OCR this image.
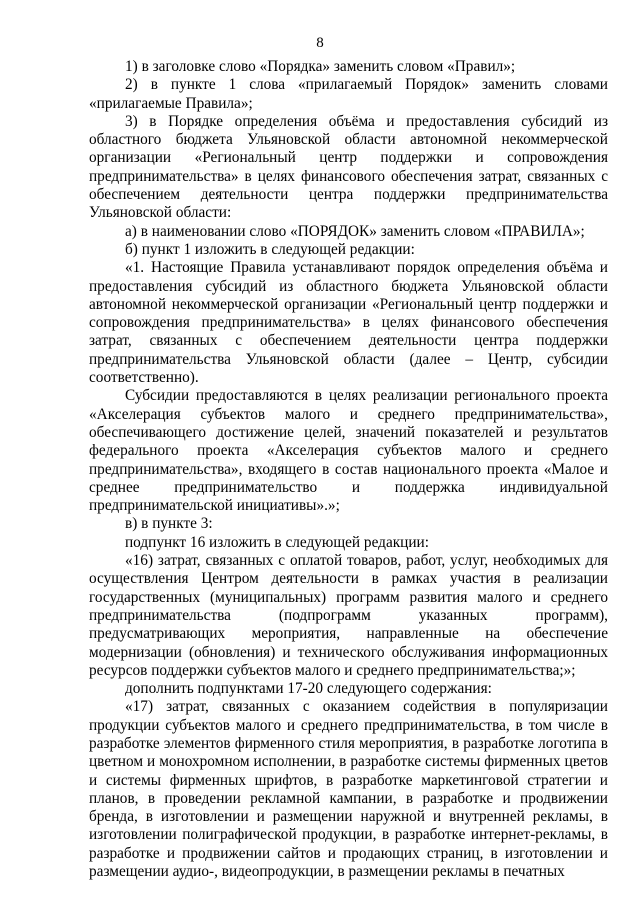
8

1) в заголовке слово «Порядка» заменить словом «Правил»;

2) в пункте 1 слова «прилагаемый Порядок» заменить словами «прилагаемые Правила»;

3) в Порядке определения объёма и предоставления субсидий из областного бюджета Ульяновской области автономной некоммерческой организации «Региональный центр поддержки и сопровождения предпринимательства» в целях финансового обеспечения затрат, связанных с обеспечением деятельности центра поддержки предпринимательства Ульяновской области:

а) в наименовании слово «ПОРЯДОК» заменить словом «ПРАВИЛА»;

б) пункт 1 изложить в следующей редакции:

«1. Настоящие Правила устанавливают порядок определения объёма и предоставления субсидий из областного бюджета Ульяновской области автономной некоммерческой организации «Региональный центр поддержки и сопровождения предпринимательства» в целях финансового обеспечения затрат, связанных с обеспечением деятельности центра поддержки предпринимательства Ульяновской области (далее – Центр, субсидии соответственно).

Субсидии предоставляются в целях реализации регионального проекта «Акселерация субъектов малого и среднего предпринимательства», обеспечивающего достижение целей, значений показателей и результатов федерального проекта «Акселерация субъектов малого и среднего предпринимательства», входящего в состав национального проекта «Малое и среднее предпринимательство и поддержка индивидуальной предпринимательской инициативы».»;

в) в пункте 3:

подпункт 16 изложить в следующей редакции:

«16) затрат, связанных с оплатой товаров, работ, услуг, необходимых для осуществления Центром деятельности в рамках участия в реализации государственных (муниципальных) программ развития малого и среднего предпринимательства (подпрограмм указанных программ), предусматривающих мероприятия, направленные на обеспечение модернизации (обновления) и технического обслуживания информационных ресурсов поддержки субъектов малого и среднего предпринимательства;»;

дополнить подпунктами 17-20 следующего содержания:

«17) затрат, связанных с оказанием содействия в популяризации продукции субъектов малого и среднего предпринимательства, в том числе в разработке элементов фирменного стиля мероприятия, в разработке логотипа в цветном и монохромном исполнении, в разработке системы фирменных цветов и системы фирменных шрифтов, в разработке маркетинговой стратегии и планов, в проведении рекламной кампании, в разработке и продвижении бренда, в изготовлении и размещении наружной и внутренней рекламы, в изготовлении полиграфической продукции, в разработке интернет-рекламы, в разработке и продвижении сайтов и продающих страниц, в изготовлении и размещении аудио-, видеопродукции, в размещении рекламы в печатных
